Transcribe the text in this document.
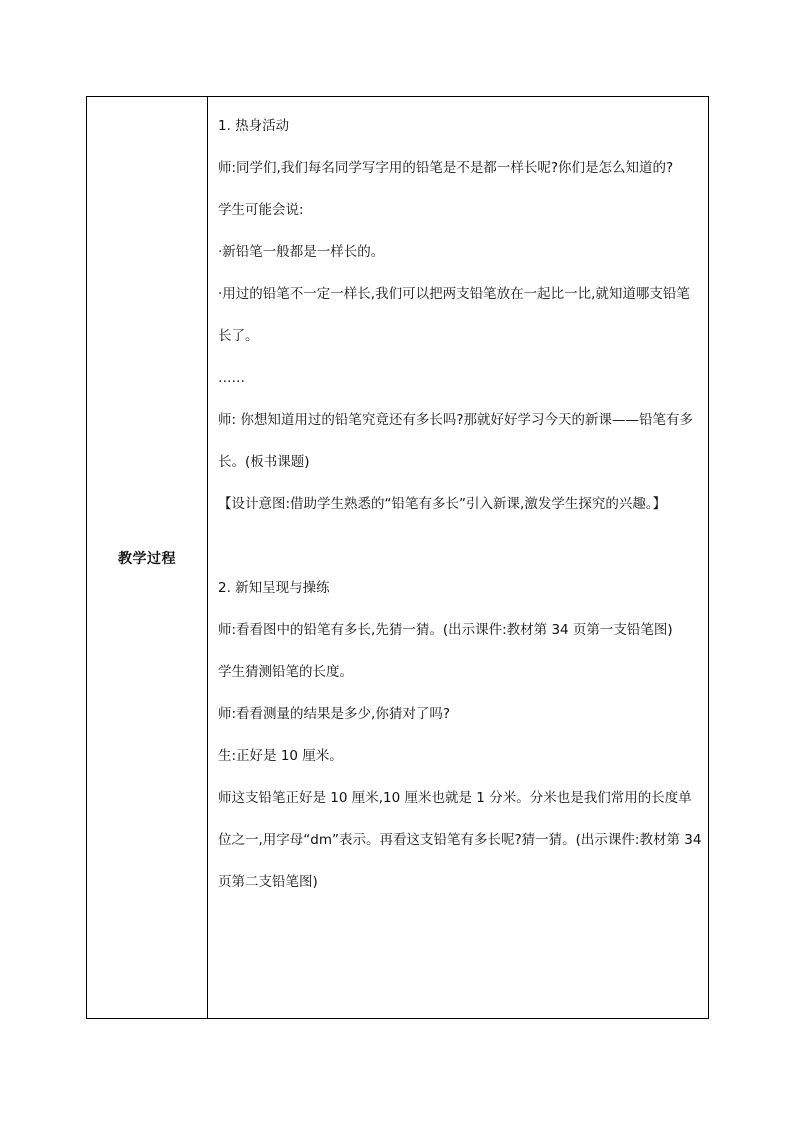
教学过程	
1. 热身活动
师:同学们,我们每名同学写字用的铅笔是不是都一样长呢?你们是怎么知道的?
学生可能会说:
·新铅笔一般都是一样长的。
·用过的铅笔不一定一样长,我们可以把两支铅笔放在一起比一比,就知道哪支铅笔长了。
……
师: 你想知道用过的铅笔究竟还有多长吗?那就好好学习今天的新课——铅笔有多长。(板书课题)
【设计意图:借助学生熟悉的“铅笔有多长”引入新课,激发学生探究的兴趣。】
2. 新知呈现与操练
师:看看图中的铅笔有多长,先猜一猜。(出示课件:教材第 34 页第一支铅笔图)
学生猜测铅笔的长度。
师:看看测量的结果是多少,你猜对了吗?
生:正好是 10 厘米。
师这支铅笔正好是 10 厘米,10 厘米也就是 1 分米。分米也是我们常用的长度单位之一,用字母“dm”表示。再看这支铅笔有多长呢?猜一猜。(出示课件:教材第 34 页第二支铅笔图)
